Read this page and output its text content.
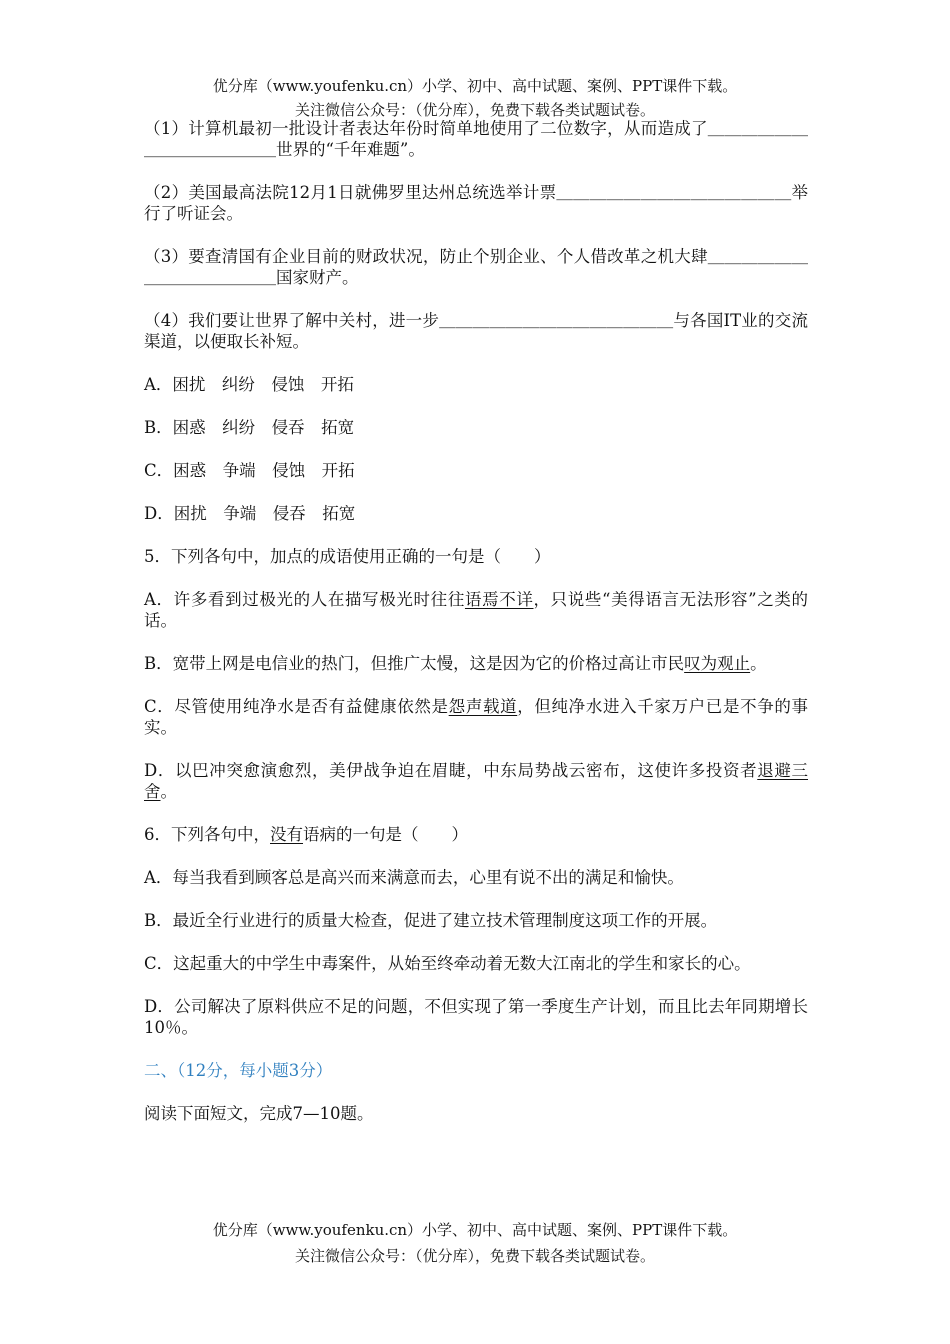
优分库（www.youfenku.cn）小学、初中、高中试题、案例、PPT课件下载。
关注微信公众号：（优分库），免费下载各类试题试卷。

（1）计算机最初一批设计者表达年份时简单地使用了二位数字，从而造成了＿＿＿＿＿＿＿＿＿＿＿＿＿＿世界的“千年难题”。

（2）美国最高法院12月1日就佛罗里达州总统选举计票＿＿＿＿＿＿＿＿＿＿＿＿＿＿举行了听证会。

（3）要查清国有企业目前的财政状况，防止个别企业、个人借改革之机大肆＿＿＿＿＿＿＿＿＿＿＿＿＿＿国家财产。

（4）我们要让世界了解中关村，进一步＿＿＿＿＿＿＿＿＿＿＿＿＿＿与各国IT业的交流渠道，以便取长补短。

A．困扰　纠纷　侵蚀　开拓

B．困惑　纠纷　侵吞　拓宽

C．困惑　争端　侵蚀　开拓

D．困扰　争端　侵吞　拓宽

5．下列各句中，加点的成语使用正确的一句是（　　）

A．许多看到过极光的人在描写极光时往往语焉不详，只说些“美得语言无法形容”之类的话。

B．宽带上网是电信业的热门，但推广太慢，这是因为它的价格过高让市民叹为观止。

C．尽管使用纯净水是否有益健康依然是怨声载道，但纯净水进入千家万户已是不争的事实。

D．以巴冲突愈演愈烈，美伊战争迫在眉睫，中东局势战云密布，这使许多投资者退避三舍。

6．下列各句中，没有语病的一句是（　　）

A．每当我看到顾客总是高兴而来满意而去，心里有说不出的满足和愉快。

B．最近全行业进行的质量大检查，促进了建立技术管理制度这项工作的开展。

C．这起重大的中学生中毒案件，从始至终牵动着无数大江南北的学生和家长的心。

D．公司解决了原料供应不足的问题，不但实现了第一季度生产计划，而且比去年同期增长10％。

二、（12分，每小题3分）

阅读下面短文，完成7—10题。

优分库（www.youfenku.cn）小学、初中、高中试题、案例、PPT课件下载。
关注微信公众号：（优分库），免费下载各类试题试卷。
